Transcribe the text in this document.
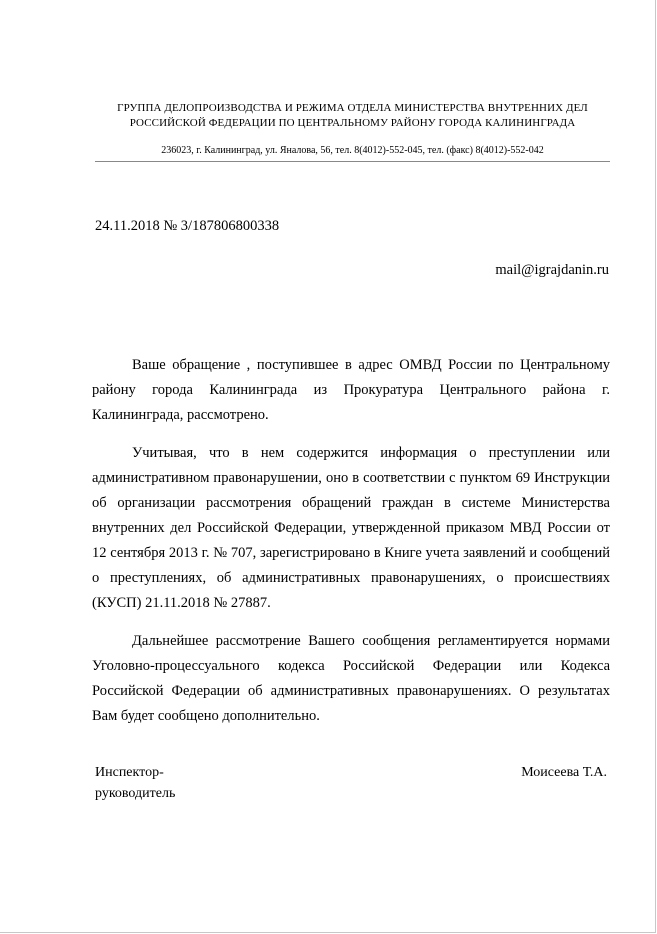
ГРУППА ДЕЛОПРОИЗВОДСТВА И РЕЖИМА ОТДЕЛА МИНИСТЕРСТВА ВНУТРЕННИХ ДЕЛ
РОССИЙСКОЙ ФЕДЕРАЦИИ ПО ЦЕНТРАЛЬНОМУ РАЙОНУ ГОРОДА КАЛИНИНГРАДА
236023, г. Калининград, ул. Яналова, 56, тел. 8(4012)-552-045, тел. (факс) 8(4012)-552-042
24.11.2018 № 3/187806800338
mail@igrajdanin.ru

Ваше обращение , поступившее в адрес ОМВД России по Центральному району города Калининграда из Прокуратура Центрального района г. Калининграда, рассмотрено.

Учитывая, что в нем содержится информация о преступлении или административном правонарушении, оно в соответствии с пунктом 69 Инструкции об организации рассмотрения обращений граждан в системе Министерства внутренних дел Российской Федерации, утвержденной приказом МВД России от 12 сентября 2013 г. № 707, зарегистрировано в Книге учета заявлений и сообщений о преступлениях, об административных правонарушениях, о происшествиях (КУСП) 21.11.2018 № 27887.

Дальнейшее рассмотрение Вашего сообщения регламентируется нормами Уголовно-процессуального кодекса Российской Федерации или Кодекса Российской Федерации об административных правонарушениях. О результатах Вам будет сообщено дополнительно.

Инспектор-
руководитель
Моисеева Т.А.
